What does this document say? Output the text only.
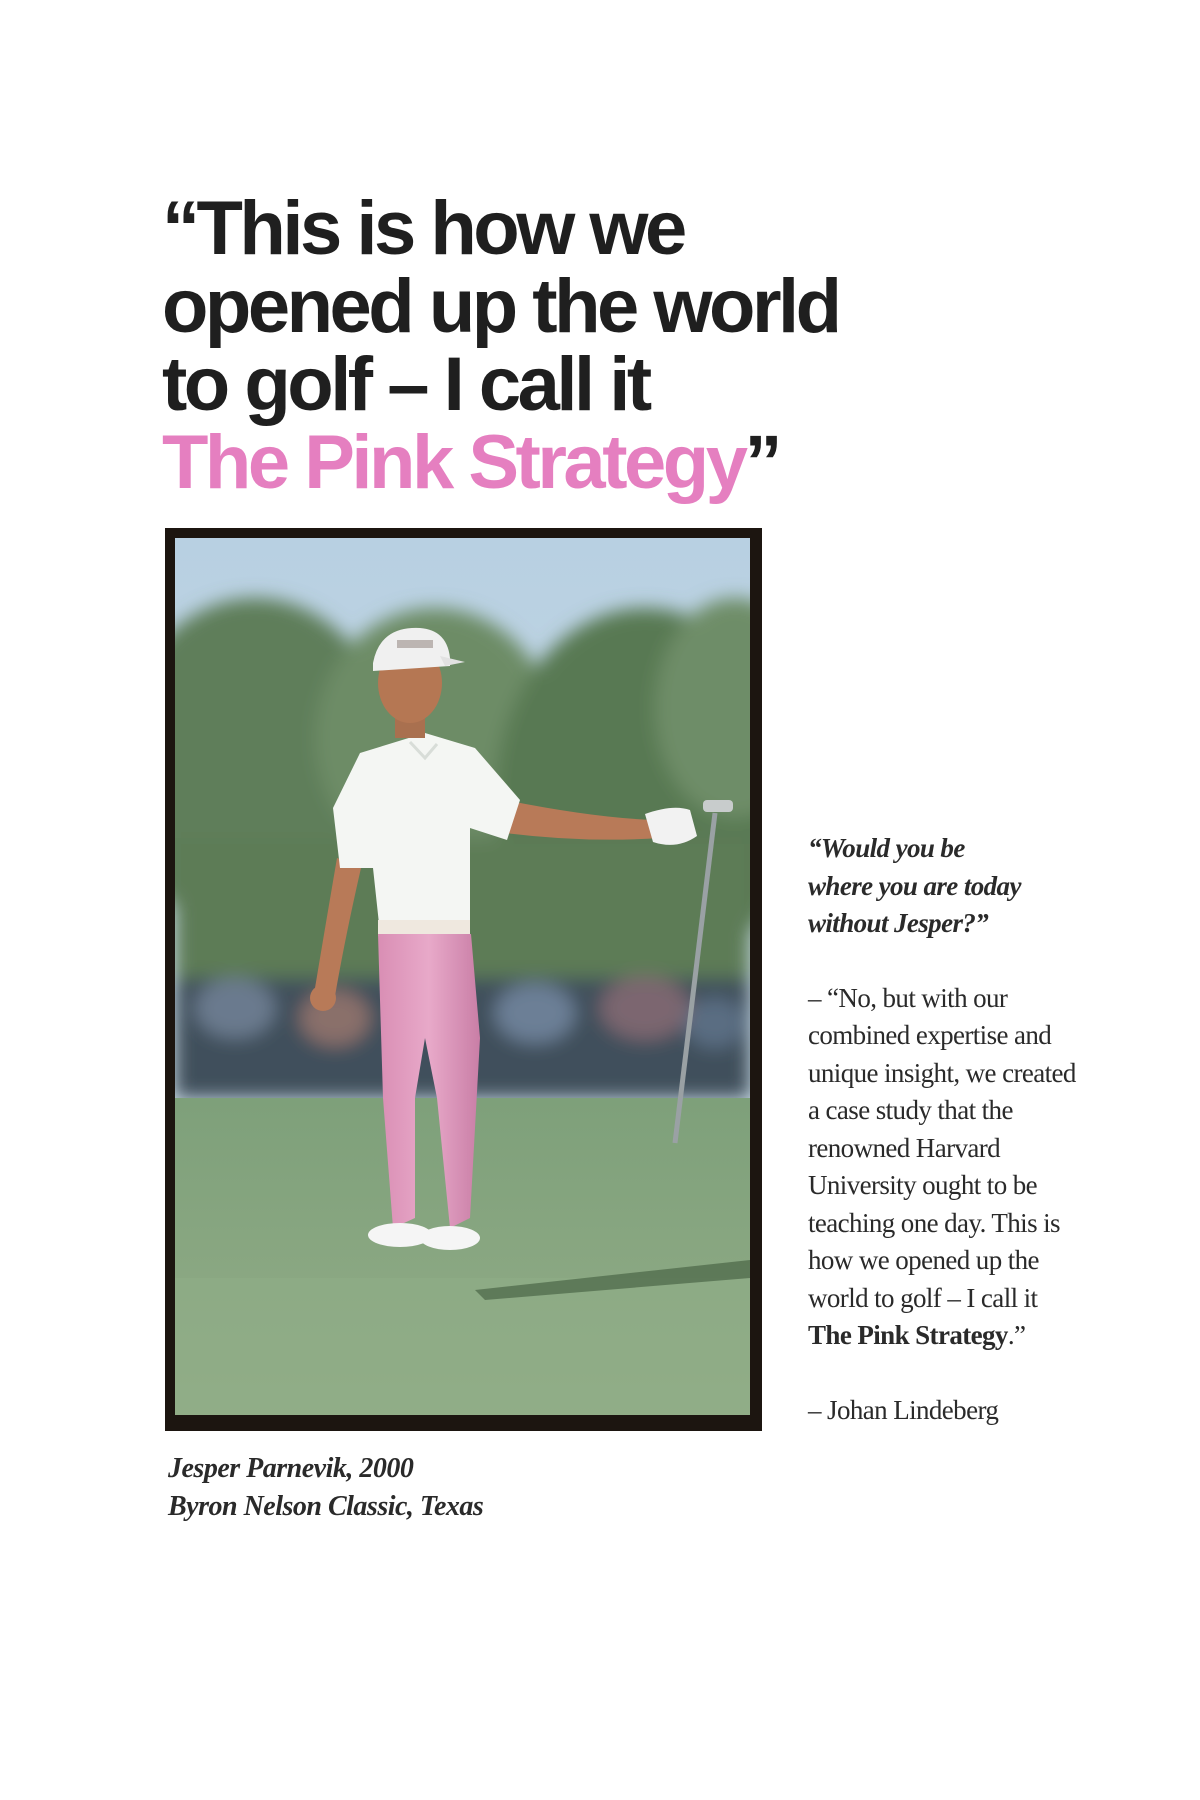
“This is how we
opened up the world
to golf – I call it
The Pink Strategy”
Jesper Parnevik, 2000
Byron Nelson Classic, Texas

“Would you be
where you are today
without Jesper?”

– “No, but with our
combined expertise and
unique insight, we created
a case study that the
renowned Harvard
University ought to be
teaching one day. This is
how we opened up the
world to golf – I call it
The Pink Strategy.”

– Johan Lindeberg
